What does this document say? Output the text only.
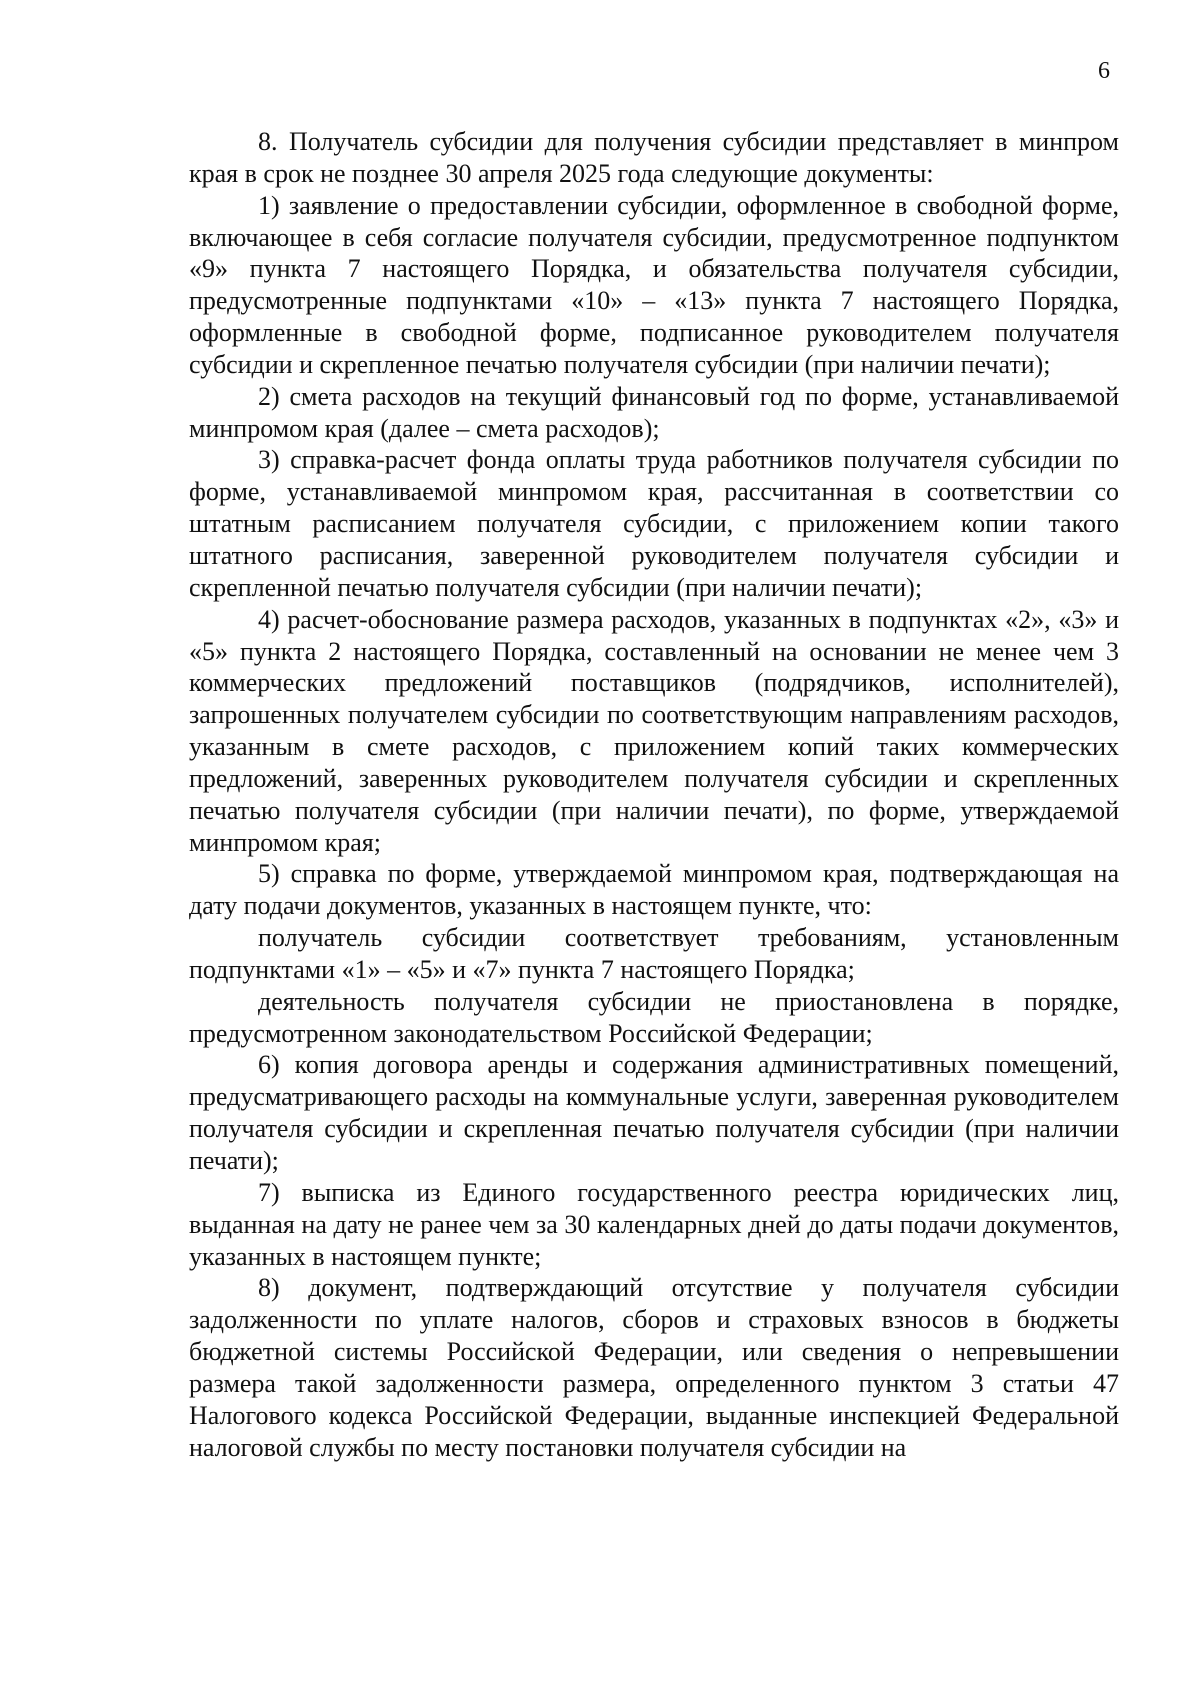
6

8. Получатель субсидии для получения субсидии представляет в минпром края в срок не позднее 30 апреля 2025 года следующие документы:

1) заявление о предоставлении субсидии, оформленное в свободной форме, включающее в себя согласие получателя субсидии, предусмотренное подпунктом «9» пункта 7 настоящего Порядка, и обязательства получателя субсидии, предусмотренные подпунктами «10» – «13» пункта 7 настоящего Порядка, оформленные в свободной форме, подписанное руководителем получателя субсидии и скрепленное печатью получателя субсидии (при наличии печати);

2) смета расходов на текущий финансовый год по форме, устанавливаемой минпромом края (далее – смета расходов);

3) справка-расчет фонда оплаты труда работников получателя субсидии по форме, устанавливаемой минпромом края, рассчитанная в соответствии со штатным расписанием получателя субсидии, с приложением копии такого штатного расписания, заверенной руководителем получателя субсидии и скрепленной печатью получателя субсидии (при наличии печати);

4) расчет-обоснование размера расходов, указанных в подпунктах «2», «3» и «5» пункта 2 настоящего Порядка, составленный на основании не менее чем 3 коммерческих предложений поставщиков (подрядчиков, исполнителей), запрошенных получателем субсидии по соответствующим направлениям расходов, указанным в смете расходов, с приложением копий таких коммерческих предложений, заверенных руководителем получателя субсидии и скрепленных печатью получателя субсидии (при наличии печати), по форме, утверждаемой минпромом края;

5) справка по форме, утверждаемой минпромом края, подтверждающая на дату подачи документов, указанных в настоящем пункте, что:

получатель субсидии соответствует требованиям, установленным подпунктами «1» – «5» и «7» пункта 7 настоящего Порядка;

деятельность получателя субсидии не приостановлена в порядке, предусмотренном законодательством Российской Федерации;

6) копия договора аренды и содержания административных помещений, предусматривающего расходы на коммунальные услуги, заверенная руководителем получателя субсидии и скрепленная печатью получателя субсидии (при наличии печати);

7) выписка из Единого государственного реестра юридических лиц, выданная на дату не ранее чем за 30 календарных дней до даты подачи документов, указанных в настоящем пункте;

8) документ, подтверждающий отсутствие у получателя субсидии задолженности по уплате налогов, сборов и страховых взносов в бюджеты бюджетной системы Российской Федерации, или сведения о непревышении размера такой задолженности размера, определенного пунктом 3 статьи 47 Налогового кодекса Российской Федерации, выданные инспекцией Федеральной налоговой службы по месту постановки получателя субсидии на
